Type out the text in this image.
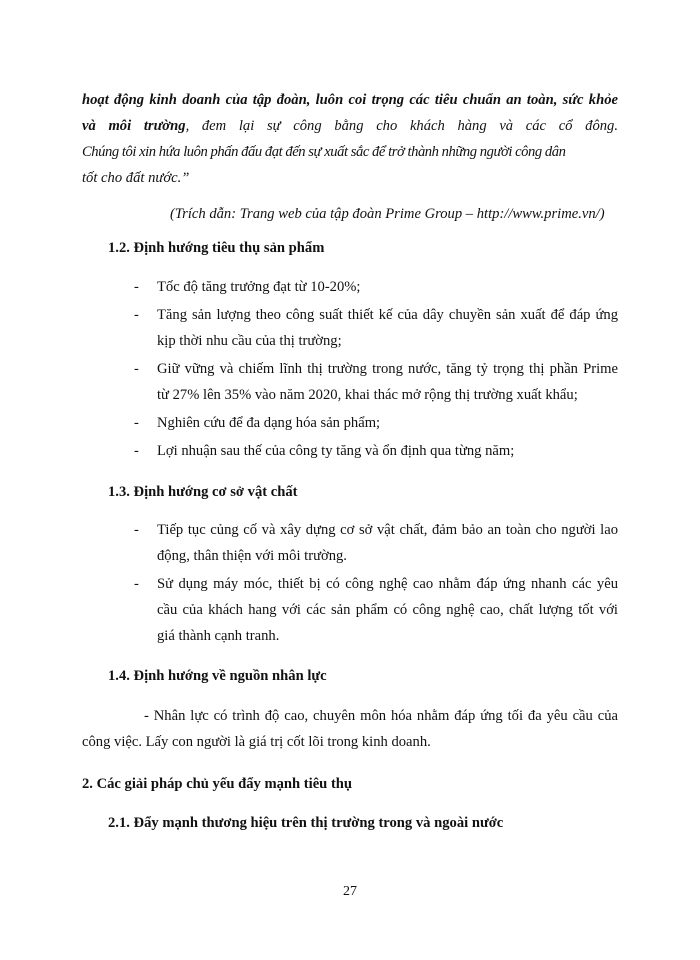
hoạt động kinh doanh của tập đoàn, luôn coi trọng các tiêu chuẩn an toàn, sức khỏe
và môi trường, đem lại sự công bằng cho khách hàng và các cổ đông.
Chúng tôi xin hứa luôn phấn đấu đạt đến sự xuất sắc để trở thành những người công dân
tốt cho đất nước.”
(Trích dẫn: Trang web của tập đoàn Prime Group – http://www.prime.vn/)
1.2. Định hướng tiêu thụ sản phẩm
- Tốc độ tăng trưởng đạt từ 10-20%;
- Tăng sản lượng theo công suất thiết kế của dây chuyền sản xuất để đáp ứng
kịp thời nhu cầu của thị trường;
- Giữ vững và chiếm lĩnh thị trường trong nước, tăng tỷ trọng thị phần Prime
từ 27% lên 35% vào năm 2020, khai thác mở rộng thị trường xuất khẩu;
- Nghiên cứu để đa dạng hóa sản phẩm;
- Lợi nhuận sau thế của công ty tăng và ổn định qua từng năm;
1.3. Định hướng cơ sở vật chất
- Tiếp tục củng cố và xây dựng cơ sở vật chất, đảm bảo an toàn cho người lao
động, thân thiện với môi trường.
- Sử dụng máy móc, thiết bị có công nghệ cao nhằm đáp ứng nhanh các yêu
cầu của khách hang với các sản phẩm có công nghệ cao, chất lượng tốt với
giá thành cạnh tranh.
1.4. Định hướng về nguồn nhân lực
- Nhân lực có trình độ cao, chuyên môn hóa nhằm đáp ứng tối đa yêu cầu của
công việc. Lấy con người là giá trị cốt lõi trong kinh doanh.
2. Các giải pháp chủ yếu đẩy mạnh tiêu thụ
2.1. Đẩy mạnh thương hiệu trên thị trường trong và ngoài nước
27
